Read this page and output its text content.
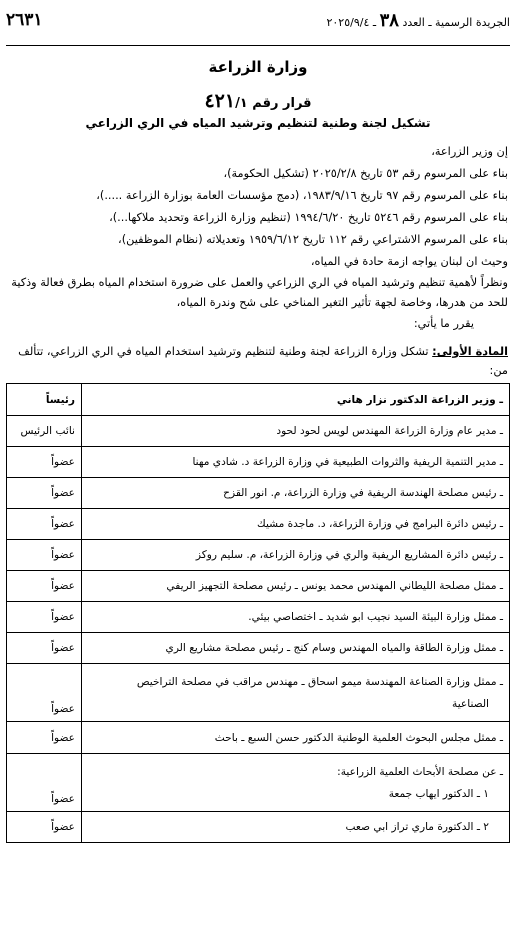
الجريدة الرسمية ـ العدد ٣٨ ـ ٢٠٢٥/٩/٤
٢٦٣١
وزارة الزراعة
قرار رقم ٤٢١/١
تشكيل لجنة وطنية لتنظيم وترشيد المياه في الري الزراعي

إن وزير الزراعة،

بناء على المرسوم رقم ٥٣ تاريخ ٢٠٢٥/٢/٨ (تشكيل الحكومة)،

بناء على المرسوم رقم ٩٧ تاريخ ١٩٨٣/٩/١٦، (دمج مؤسسات العامة بوزارة الزراعة .....)،

بناء على المرسوم رقم ٥٢٤٦ تاريخ ١٩٩٤/٦/٢٠ (تنظيم وزارة الزراعة وتحديد ملاكها...)،

بناء على المرسوم الاشتراعي رقم ١١٢ تاريخ ١٩٥٩/٦/١٢ وتعديلاته (نظام الموظفين)،

وحيث ان لبنان يواجه ازمة حادة في المياه،

ونظراً لأهمية تنظيم وترشيد المياه في الري الزراعي والعمل على ضرورة استخدام المياه بطرق فعالة وذكية للحد من هدرها، وخاصة لجهة تأثير التغير المناخي على شح وندرة المياه،

يقرر ما يأتي:

المادة الأولى: تشكل وزارة الزراعة لجنة وطنية لتنظيم وترشيد استخدام المياه في الري الزراعي، تتألف من:
ـ وزير الزراعة الدكتور نزار هاني	رئيساً
ـ مدير عام وزارة الزراعة المهندس لويس لحود لحود	نائب الرئيس
ـ مدير التنمية الريفية والثروات الطبيعية في وزارة الزراعة د. شادي مهنا	عضواً
ـ رئيس مصلحة الهندسة الريفية في وزارة الزراعة، م. انور القزح	عضواً
ـ رئيس دائرة البرامج في وزارة الزراعة، د. ماجدة مشيك	عضواً
ـ رئيس دائرة المشاريع الريفية والري في وزارة الزراعة، م. سليم روكز	عضواً
ـ ممثل مصلحة الليطاني المهندس محمد يونس ـ رئيس مصلحة التجهيز الريفي	عضواً
ـ ممثل وزارة البيئة السيد نجيب ابو شديد ـ اختصاصي بيئي.	عضواً
ـ ممثل وزارة الطاقة والمياه المهندس وسام كنج ـ رئيس مصلحة مشاريع الري	عضواً

ـ ممثل وزارة الصناعة المهندسة ميمو اسحاق ـ مهندس مراقب في مصلحة التراخيص
الصناعية	عضواً
ـ ممثل مجلس البحوث العلمية الوطنية الدكتور حسن السبع ـ باحث	عضواً

ـ عن مصلحة الأبحاث العلمية الزراعية:
١ ـ الدكتور ايهاب جمعة	عضواً
٢ ـ الدكتورة ماري تراز ابي صعب	عضواً
